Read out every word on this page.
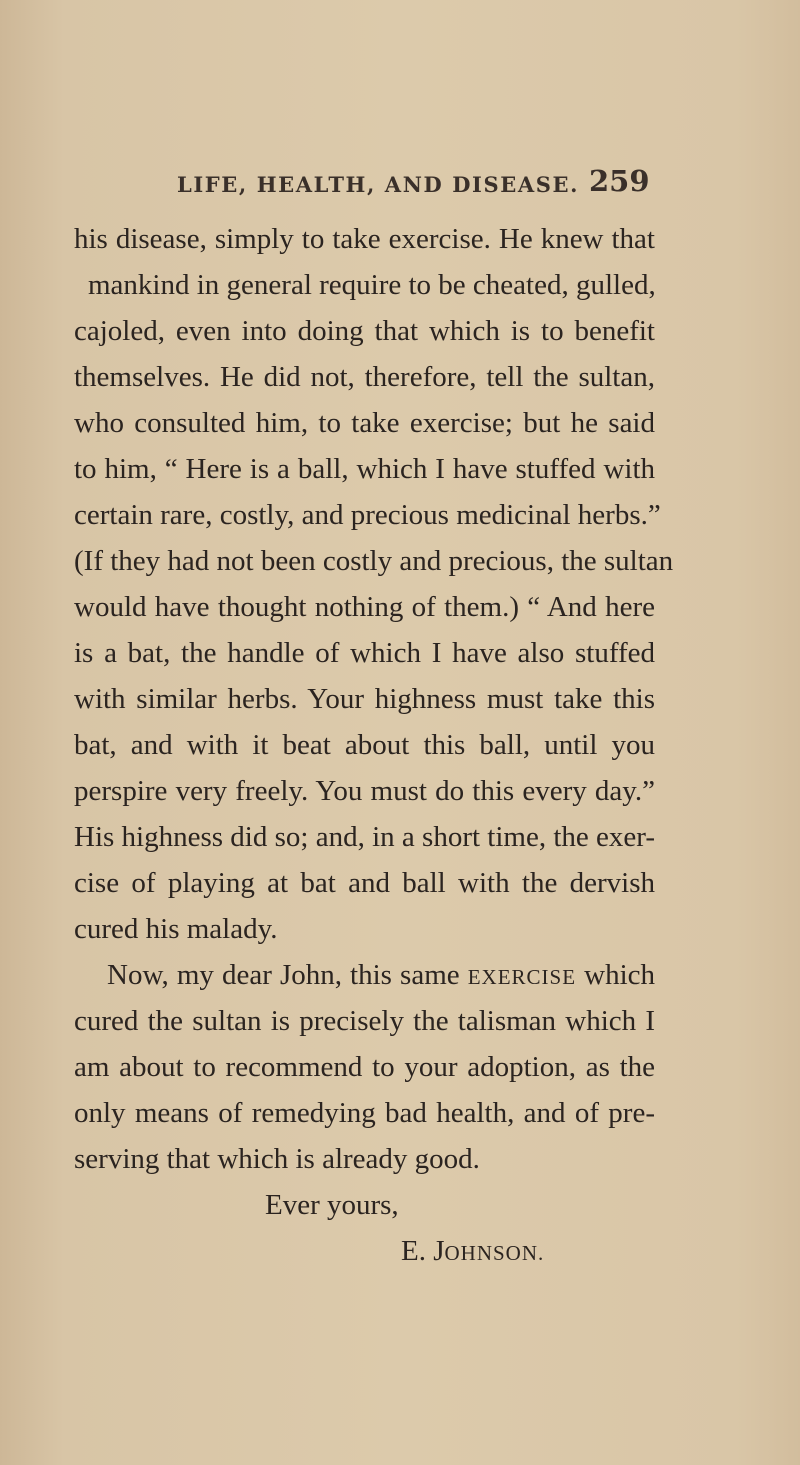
LIFE, HEALTH, AND DISEASE. 259
his disease, simply to take exercise. He knew that
mankind in general require to be cheated, gulled,
cajoled, even into doing that which is to benefit
themselves. He did not, therefore, tell the sultan,
who consulted him, to take exercise; but he said
to him, “ Here is a ball, which I have stuffed with
certain rare, costly, and precious medicinal herbs.”
(If they had not been costly and precious, the sultan
would have thought nothing of them.) “ And here
is a bat, the handle of which I have also stuffed
with similar herbs. Your highness must take this
bat, and with it beat about this ball, until you
perspire very freely. You must do this every day.”
His highness did so; and, in a short time, the exer-
cise of playing at bat and ball with the dervish
cured his malady.
Now, my dear John, this same EXERCISE which
cured the sultan is precisely the talisman which I
am about to recommend to your adoption, as the
only means of remedying bad health, and of pre-
serving that which is already good.
Ever yours,
E. JOHNSON.
